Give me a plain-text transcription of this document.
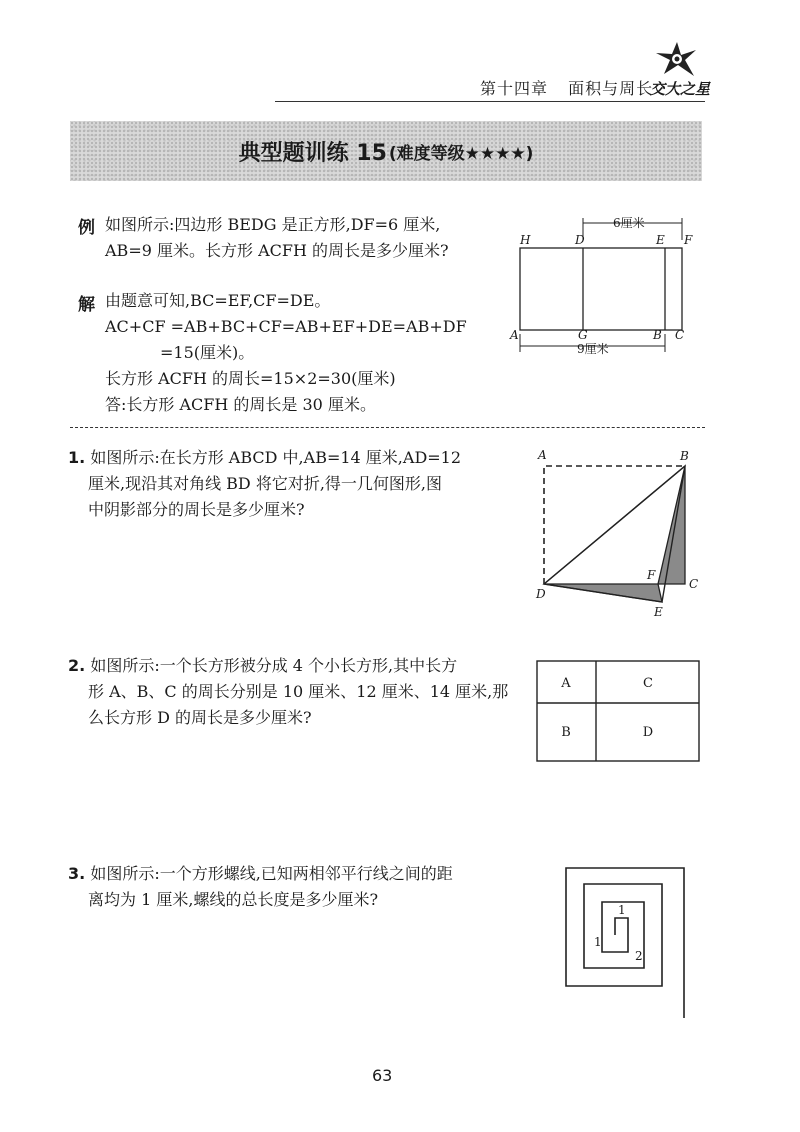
第十四章 面积与周长
交大之星
典型题训练 15 (难度等级★★★★)
例 如图所示:四边形 BEDG 是正方形,DF=6 厘米,
AB=9 厘米。长方形 ACFH 的周长是多少厘米?
6厘米
9厘米
H	D	E F
A	G	B C
解 由题意可知,BC=EF,CF=DE。
AC+CF =AB+BC+CF=AB+EF+DE=AB+DF
=15(厘米)。
长方形 ACFH 的周长=15×2=30(厘米)
答:长方形 ACFH 的周长是 30 厘米。
1. 如图所示:在长方形 ABCD 中,AB=14 厘米,AD=12
厘米,现沿其对角线 BD 将它对折,得一几何图形,图
中阴影部分的周长是多少厘米?
A	B
C
D
E
F
2. 如图所示:一个长方形被分成 4 个小长方形,其中长方
形 A、B、C 的周长分别是 10 厘米、12 厘米、14 厘米,那
么长方形 D 的周长是多少厘米?
A	C
B	D
3. 如图所示:一个方形螺线,已知两相邻平行线之间的距
离均为 1 厘米,螺线的总长度是多少厘米?
1
1
2
63
